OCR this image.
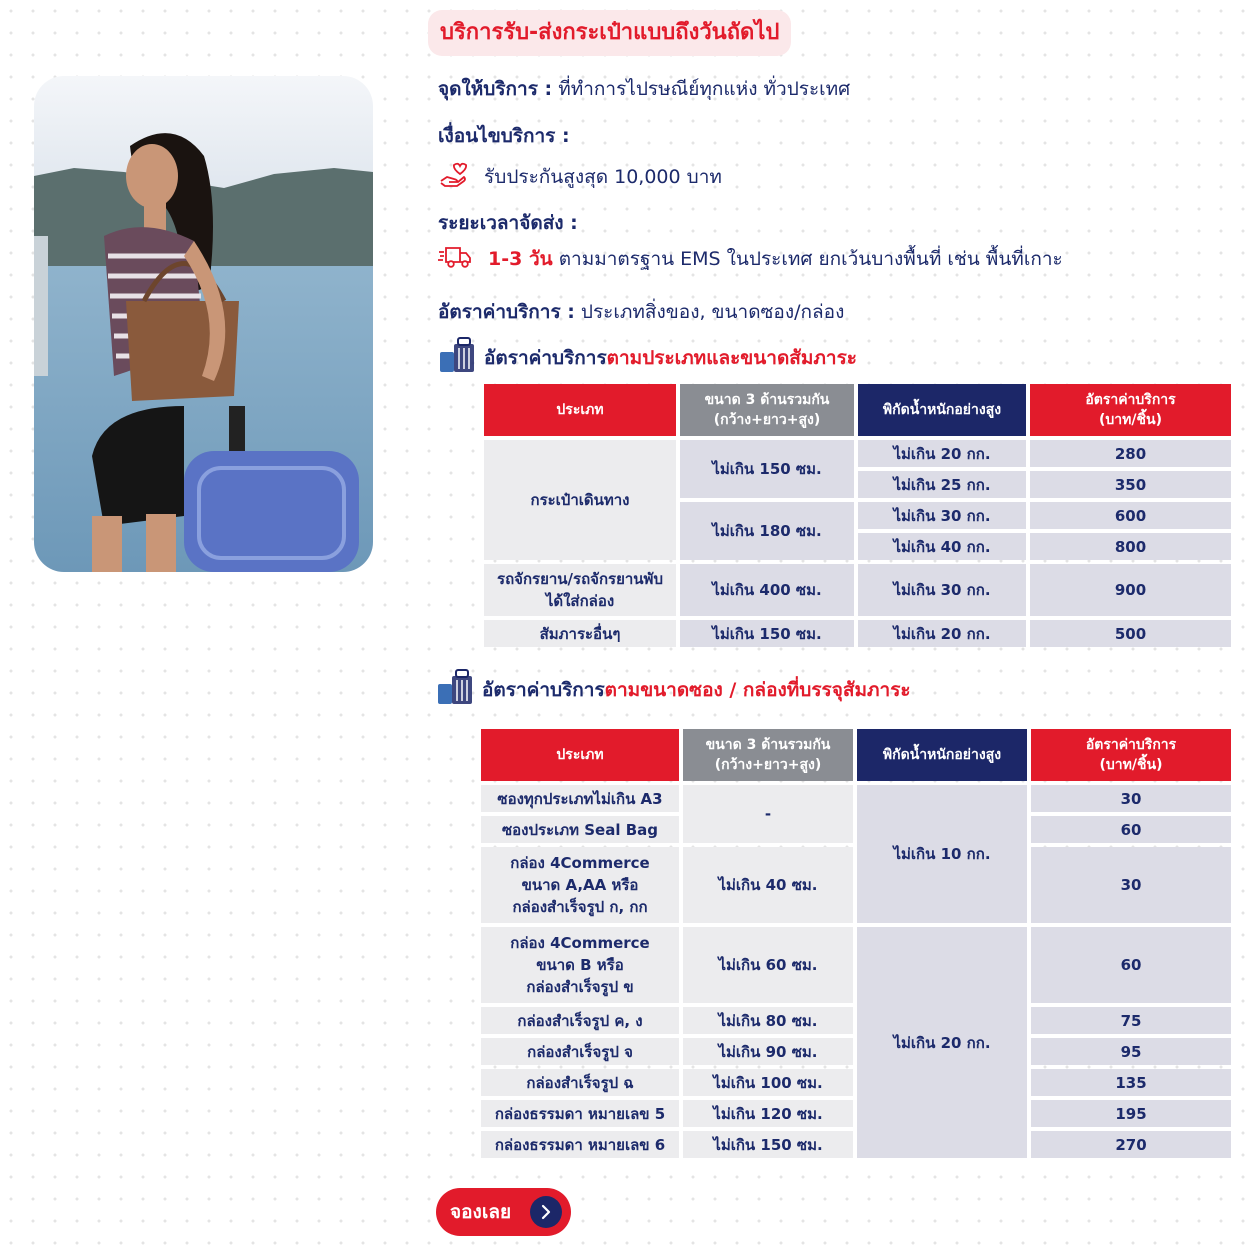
บริการรับ-ส่งกระเป๋าแบบถึงวันถัดไป
จุดให้บริการ : ที่ทำการไปรษณีย์ทุกแห่ง ทั่วประเทศ
เงื่อนไขบริการ :
รับประกันสูงสุด 10,000 บาท
ระยะเวลาจัดส่ง :
1-3 วัน ตามมาตรฐาน EMS ในประเทศ ยกเว้นบางพื้นที่ เช่น พื้นที่เกาะ
อัตราค่าบริการ : ประเภทสิ่งของ, ขนาดซอง/กล่อง
อัตราค่าบริการ ตามประเภทและขนาดสัมภาระ
ประเภท	ขนาด 3 ด้านรวมกัน
(กว้าง+ยาว+สูง)	พิกัดน้ำหนักอย่างสูง	อัตราค่าบริการ
(บาท/ชิ้น)
กระเป๋าเดินทาง	ไม่เกิน 150 ซม.	ไม่เกิน 20 กก.	280
		ไม่เกิน 25 กก.	350
	ไม่เกิน 180 ซม.	ไม่เกิน 30 กก.	600
		ไม่เกิน 40 กก.	800
รถจักรยาน/รถจักรยานพับ
ได้ใส่กล่อง	ไม่เกิน 400 ซม.	ไม่เกิน 30 กก.	900
สัมภาระอื่นๆ	ไม่เกิน 150 ซม.	ไม่เกิน 20 กก.	500
อัตราค่าบริการ ตามขนาดซอง / กล่องที่บรรจุสัมภาระ
ประเภท	ขนาด 3 ด้านรวมกัน
(กว้าง+ยาว+สูง)	พิกัดน้ำหนักอย่างสูง	อัตราค่าบริการ
(บาท/ชิ้น)
ซองทุกประเภทไม่เกิน A3	-	ไม่เกิน 10 กก.	30
ซองประเภท Seal Bag			60
กล่อง 4Commerce
ขนาด A,AA หรือ
กล่องสำเร็จรูป ก, กก	ไม่เกิน 40 ซม.		30
กล่อง 4Commerce
ขนาด B หรือ
กล่องสำเร็จรูป ข	ไม่เกิน 60 ซม.	ไม่เกิน 20 กก.	60
กล่องสำเร็จรูป ค, ง	ไม่เกิน 80 ซม.		75
กล่องสำเร็จรูป จ	ไม่เกิน 90 ซม.		95
กล่องสำเร็จรูป ฉ	ไม่เกิน 100 ซม.		135
กล่องธรรมดา หมายเลข 5	ไม่เกิน 120 ซม.		195
กล่องธรรมดา หมายเลข 6	ไม่เกิน 150 ซม.		270
จองเลย
